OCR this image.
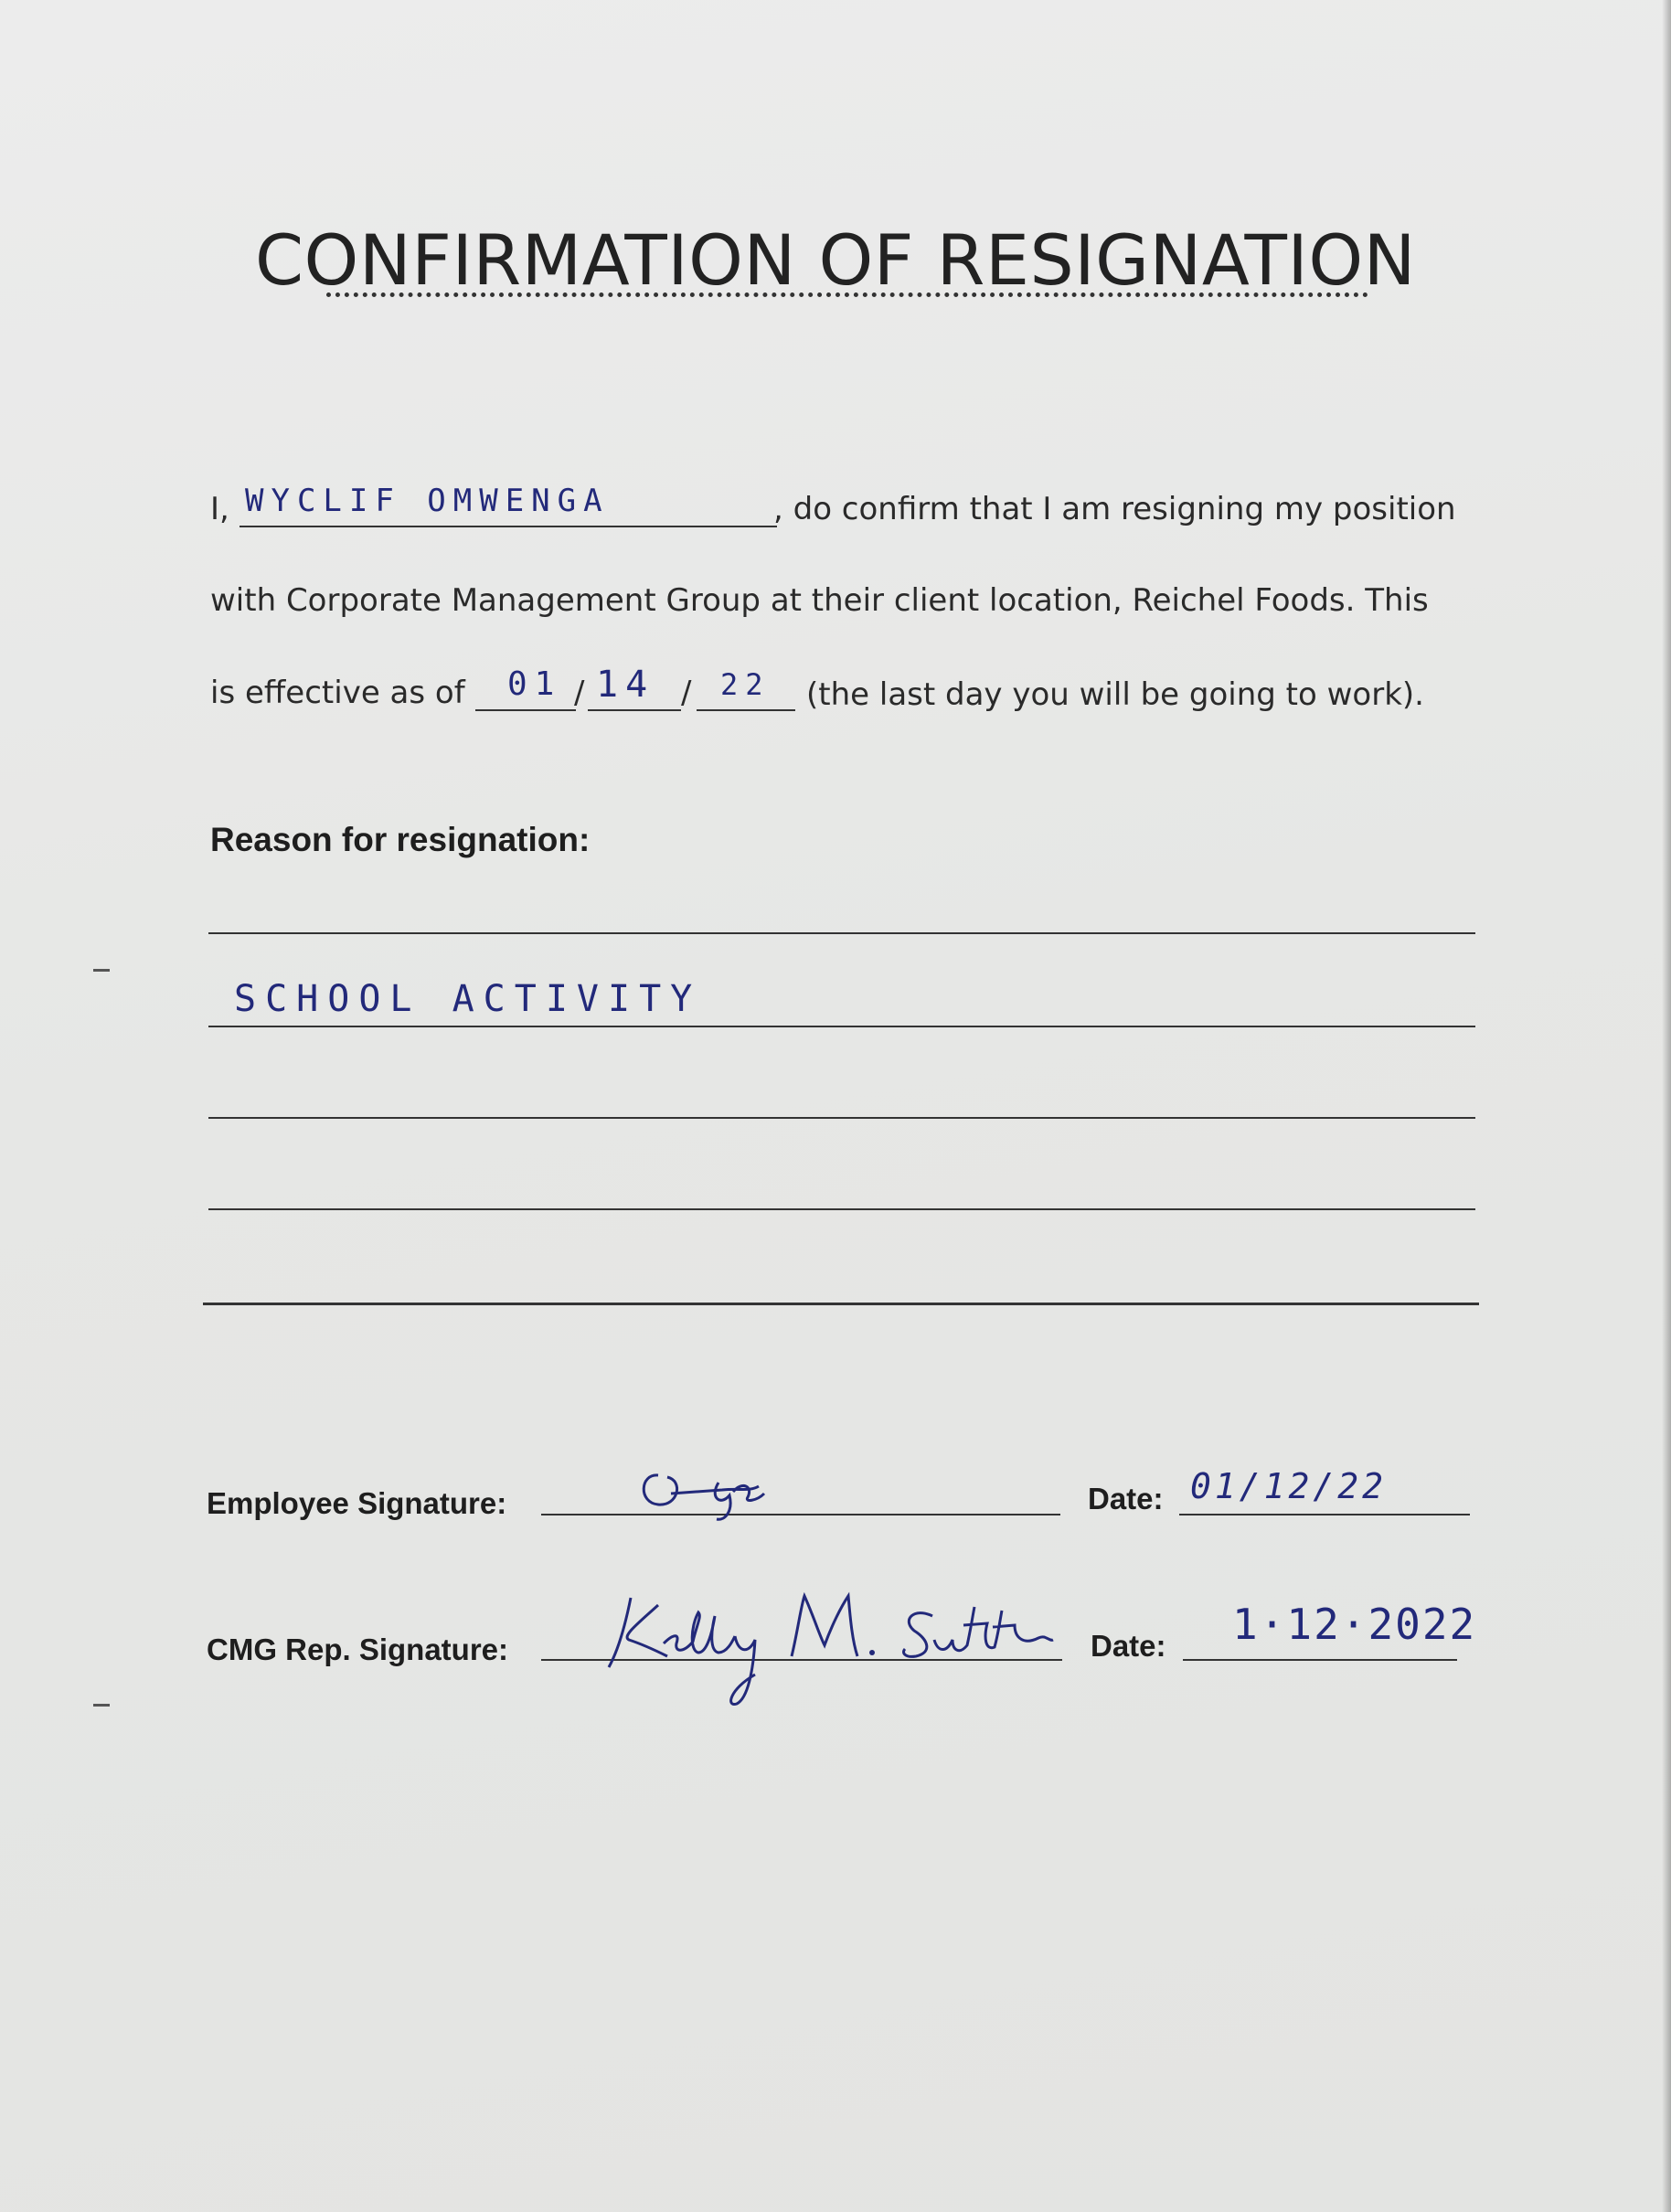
CONFIRMATION OF RESIGNATION
I, WYCLIF OMWENGA	, do confirm that I am resigning my position
with Corporate Management Group at their client location, Reichel Foods. This
is effective as of 01 / 14 / 22 (the last day you will be going to work).
Reason for resignation:
SCHOOL ACTIVITY
Employee Signature:	Date: 01/12/22
CMG Rep. Signature:	Date: 1·12·2022
